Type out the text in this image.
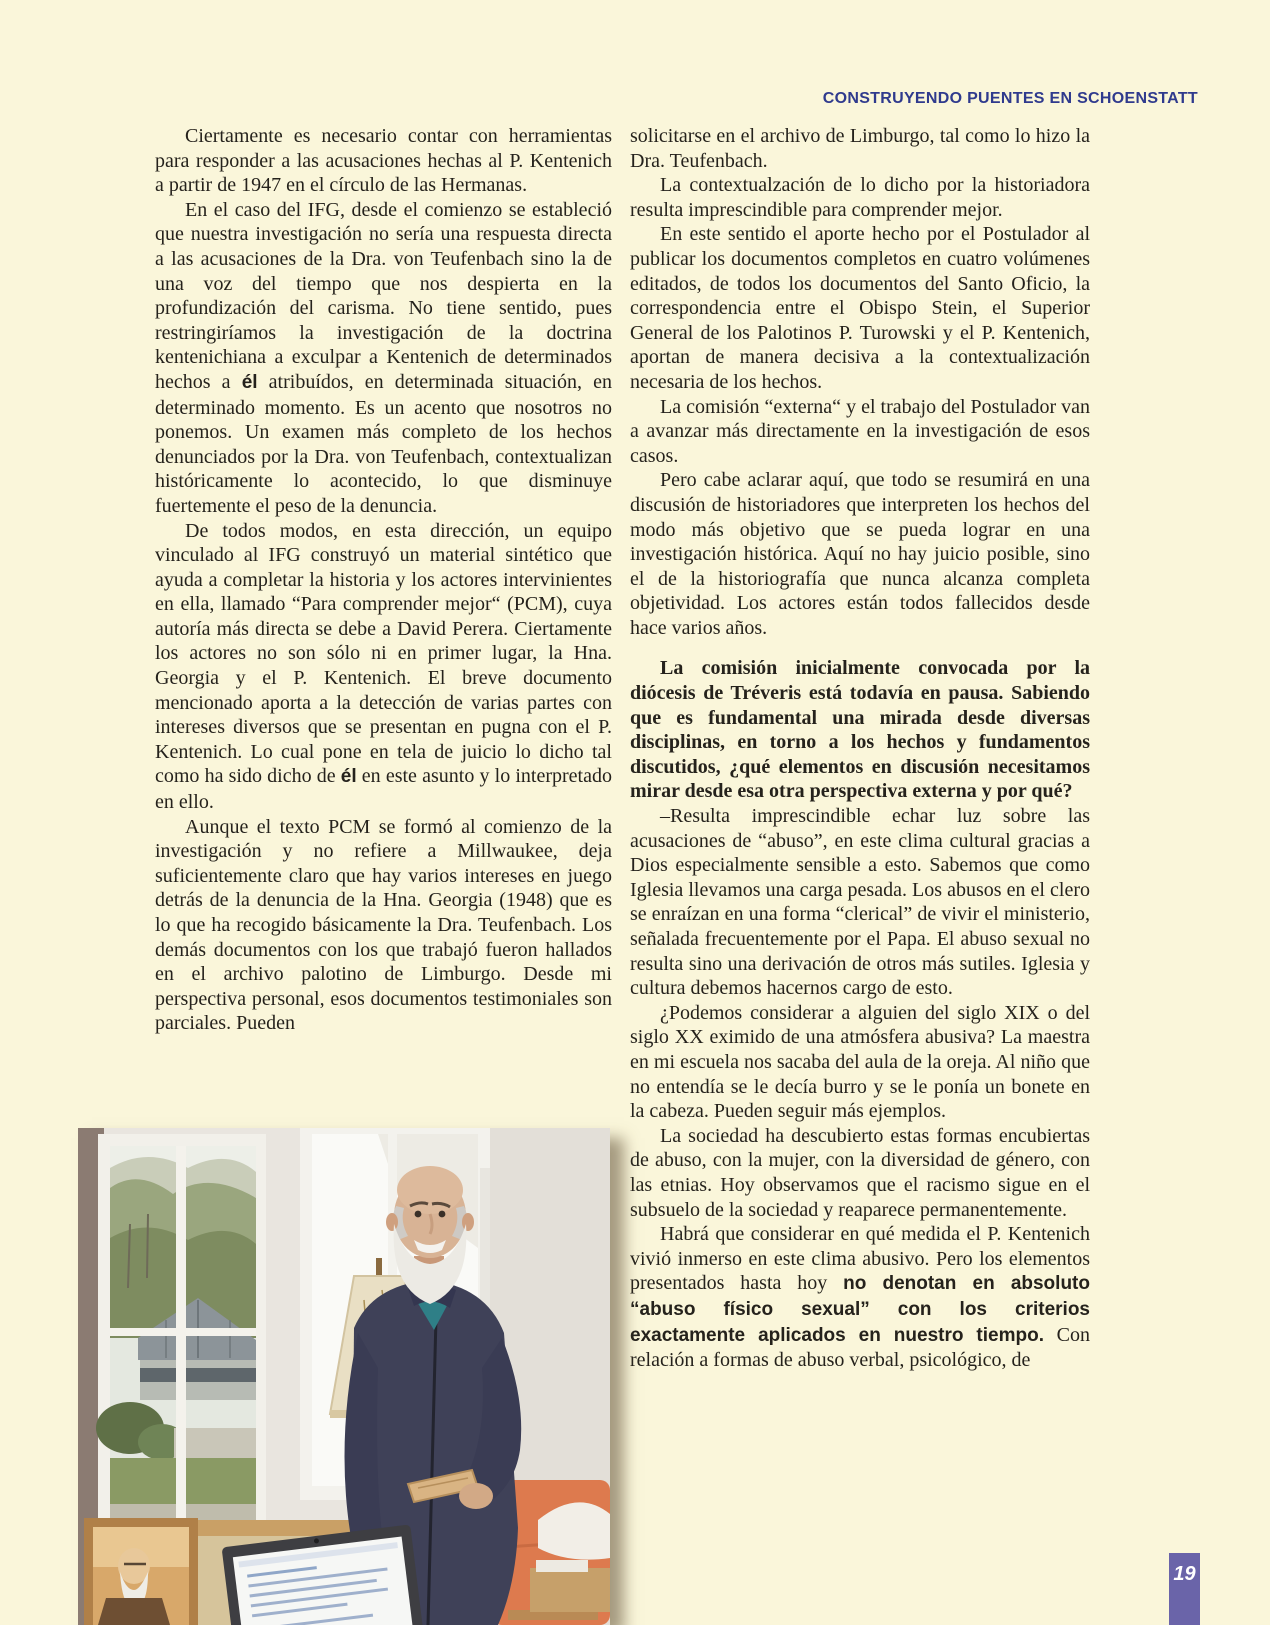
CONSTRUYENDO PUENTES EN SCHOENSTATT

Ciertamente es necesario contar con herramientas para responder a las acusaciones hechas al P. Kentenich a partir de 1947 en el círculo de las Hermanas.

En el caso del IFG, desde el comienzo se estableció que nuestra investigación no sería una respuesta directa a las acusaciones de la Dra. von Teufenbach sino la de una voz del tiempo que nos despierta en la profundización del carisma. No tiene sentido, pues restringiríamos la investigación de la doctrina kentenichiana a exculpar a Kentenich de determinados hechos a él atribuídos, en determinada situación, en determinado momento. Es un acento que nosotros no ponemos. Un examen más completo de los hechos denunciados por la Dra. von Teufenbach, contextualizan históricamente lo acontecido, lo que disminuye fuertemente el peso de la denuncia.

De todos modos, en esta dirección, un equipo vinculado al IFG construyó un material sintético que ayuda a completar la historia y los actores intervinientes en ella, llamado “Para comprender mejor“ (PCM), cuya autoría más directa se debe a David Perera. Ciertamente los actores no son sólo ni en primer lugar, la Hna. Georgia y el P. Kentenich. El breve documento mencionado aporta a la detección de varias partes con intereses diversos que se presentan en pugna con el P. Kentenich. Lo cual pone en tela de juicio lo dicho tal como ha sido dicho de él en este asunto y lo interpretado en ello.

Aunque el texto PCM se formó al comienzo de la investigación y no refiere a Millwaukee, deja suficientemente claro que hay varios intereses en juego detrás de la denuncia de la Hna. Georgia (1948) que es lo que ha recogido básicamente la Dra. Teufenbach. Los demás documentos con los que trabajó fueron hallados en el archivo palotino de Limburgo. Desde mi perspectiva personal, esos documentos testimoniales son parciales. Pueden

solicitarse en el archivo de Limburgo, tal como lo hizo la Dra. Teufenbach.

La contextualzación de lo dicho por la historiadora resulta imprescindible para comprender mejor.

En este sentido el aporte hecho por el Postulador al publicar los documentos completos en cuatro volúmenes editados, de todos los documentos del Santo Oficio, la correspondencia entre el Obispo Stein, el Superior General de los Palotinos P. Turowski y el P. Kentenich, aportan de manera decisiva a la contextualización necesaria de los hechos.

La comisión “externa“ y el trabajo del Postulador van a avanzar más directamente en la investigación de esos casos.

Pero cabe aclarar aquí, que todo se resumirá en una discusión de historiadores que interpreten los hechos del modo más objetivo que se pueda lograr en una investigación histórica. Aquí no hay juicio posible, sino el de la historiografía que nunca alcanza completa objetividad. Los actores están todos fallecidos desde hace varios años.

La comisión inicialmente convocada por la diócesis de Tréveris está todavía en pausa. Sabiendo que es fundamental una mirada desde diversas disciplinas, en torno a los hechos y fundamentos discutidos, ¿qué elementos en discusión necesitamos mirar desde esa otra perspectiva externa y por qué?

–Resulta imprescindible echar luz sobre las acusaciones de “abuso”, en este clima cultural gracias a Dios especialmente sensible a esto. Sabemos que como Iglesia llevamos una carga pesada. Los abusos en el clero se enraízan en una forma “clerical” de vivir el ministerio, señalada frecuentemente por el Papa. El abuso sexual no resulta sino una derivación de otros más sutiles. Iglesia y cultura debemos hacernos cargo de esto.

¿Podemos considerar a alguien del siglo XIX o del siglo XX eximido de una atmósfera abusiva? La maestra en mi escuela nos sacaba del aula de la oreja. Al niño que no entendía se le decía burro y se le ponía un bonete en la cabeza. Pueden seguir más ejemplos.

La sociedad ha descubierto estas formas encubiertas de abuso, con la mujer, con la diversidad de género, con las etnias. Hoy observamos que el racismo sigue en el subsuelo de la sociedad y reaparece permanentemente.

Habrá que considerar en qué medida el P. Kentenich vivió inmerso en este clima abusivo. Pero los elementos presentados hasta hoy no denotan en absoluto “abuso físico sexual” con los criterios exactamente aplicados en nuestro tiempo. Con relación a formas de abuso verbal, psicológico, de

19
